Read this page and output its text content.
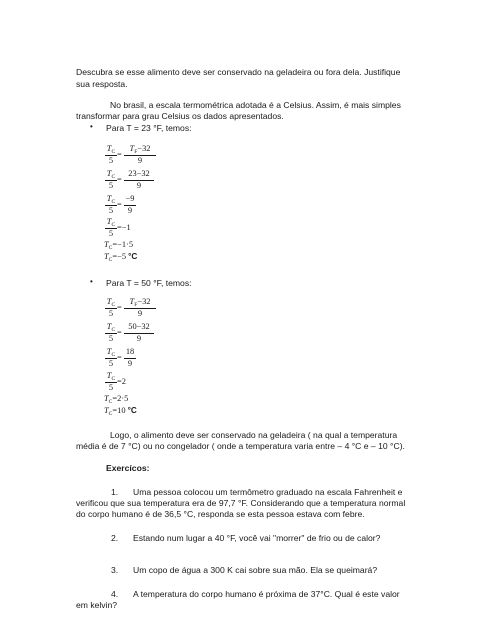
Descubra se esse alimento deve ser conservado na geladeira ou fora dela. Justifique
sua resposta.
No brasil, a escala termométrica adotada é a Celsius. Assim, é mais simples
transformar para grau Celsius os dados apresentados.
• Para T = 23 °F, temos:
$T_C$
5
=
$T_F-32$
9
$T_C$
5
=
23−32
9
$T_C$
5
=
−9
9
$T_C$
5
=−1
$T_C=-1\cdot 5$
$T_C=-5$ °C
• Para T = 50 °F, temos:
$T_C$
5
=
$T_F-32$
9
$T_C$
5
=
50−32
9
$T_C$
5
=
18
9
$T_C$
5
=2
$T_C=2\cdot 5$
$T_C=10$ °C
Logo, o alimento deve ser conservado na geladeira ( na qual a temperatura
média é de 7 °C) ou no congelador ( onde a temperatura varia entre – 4 °C e – 10 °C).
Exercícos:
1. Uma pessoa colocou um termômetro graduado na escala Fahrenheit e
verificou que sua temperatura era de 97,7 °F. Considerando que a temperatura normal
do corpo humano é de 36,5 °C, responda se esta pessoa estava com febre.
2. Estando num lugar a 40 °F, você vai "morrer" de frio ou de calor?
3. Um copo de água a 300 K cai sobre sua mão. Ela se queimará?
4. A temperatura do corpo humano é próxima de 37°C. Qual é este valor
em kelvin?
